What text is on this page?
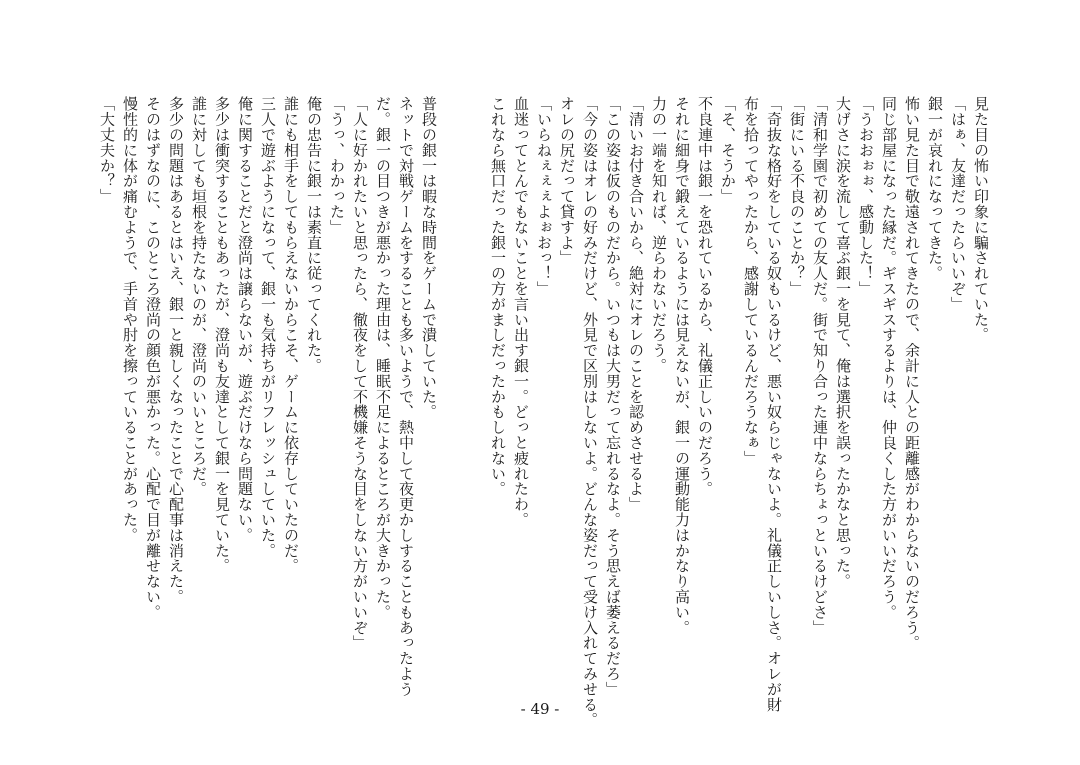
見た目の怖い印象に騙されていた。
「はぁ、友達だったらいいぞ」
銀一が哀れになってきた。
怖い見た目で敬遠されてきたので、余計に人との距離感がわからないのだろう。
同じ部屋になった縁だ。ギスギスするよりは、仲良くした方がいいだろう。
「うおおぉぉ、感動した！」
大げさに涙を流して喜ぶ銀一を見て、俺は選択を誤ったかなと思った。
「清和学園で初めての友人だ。街で知り合った連中ならちょっといるけどさ」
「街にいる不良のことか？」
「奇抜な格好をしている奴もいるけど、悪い奴らじゃないよ。礼儀正しいしさ。オレが財
布を拾ってやったから、感謝しているんだろうなぁ」
「そ、そうか」
不良連中は銀一を恐れているから、礼儀正しいのだろう。
それに細身で鍛えているようには見えないが、銀一の運動能力はかなり高い。
力の一端を知れば、逆らわないだろう。
「清いお付き合いから、絶対にオレのことを認めさせるよ」
「この姿は仮のものだから。いつもは大男だって忘れるなよ。そう思えば萎えるだろ」
「今の姿はオレの好みだけど、外見で区別はしないよ。どんな姿だって受け入れてみせる。
オレの尻だって貸すよ」
「いらねぇぇぇよぉおっ！」
血迷ってとんでもないことを言い出す銀一。どっと疲れたわ。
これなら無口だった銀一の方がましだったかもしれない。
普段の銀一は暇な時間をゲームで潰していた。
ネットで対戦ゲームをすることも多いようで、熱中して夜更かしすることもあったよう
だ。銀一の目つきが悪かった理由は、睡眠不足によるところが大きかった。
「人に好かれたいと思ったら、徹夜をして不機嫌そうな目をしない方がいいぞ」
「うっ、わかった」
俺の忠告に銀一は素直に従ってくれた。
誰にも相手をしてもらえないからこそ、ゲームに依存していたのだ。
三人で遊ぶようになって、銀一も気持ちがリフレッシュしていた。
俺に関することだと澄尚は譲らないが、遊ぶだけなら問題ない。
多少は衝突することもあったが、澄尚も友達として銀一を見ていた。
誰に対しても垣根を持たないのが、澄尚のいいところだ。
多少の問題はあるとはいえ、銀一と親しくなったことで心配事は消えた。
そのはずなのに、このところ澄尚の顔色が悪かった。心配で目が離せない。
慢性的に体が痛むようで、手首や肘を擦っていることがあった。
「大丈夫か？」
- 49 -
